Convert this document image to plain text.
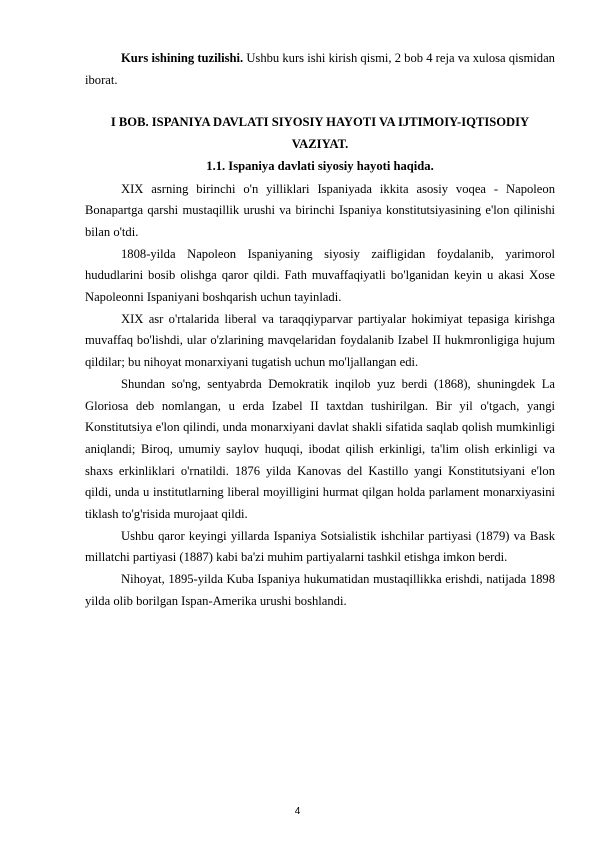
Kurs ishining tuzilishi. Ushbu kurs ishi kirish qismi, 2 bob 4 reja va xulosa qismidan iborat.

I BOB. ISPANIYA DAVLATI SIYOSIY HAYOTI VA IJTIMOIY-IQTISODIY VAZIYAT.

1.1. Ispaniya davlati siyosiy hayoti haqida.

XIX asrning birinchi o'n yilliklari Ispaniyada ikkita asosiy voqea - Napoleon Bonapartga qarshi mustaqillik urushi va birinchi Ispaniya konstitutsiyasining e'lon qilinishi bilan o'tdi.

1808-yilda Napoleon Ispaniyaning siyosiy zaifligidan foydalanib, yarimorol hududlarini bosib olishga qaror qildi. Fath muvaffaqiyatli bo'lganidan keyin u akasi Xose Napoleonni Ispaniyani boshqarish uchun tayinladi.

XIX asr o'rtalarida liberal va taraqqiyparvar partiyalar hokimiyat tepasiga kirishga muvaffaq bo'lishdi, ular o'zlarining mavqelaridan foydalanib Izabel II hukmronligiga hujum qildilar; bu nihoyat monarxiyani tugatish uchun mo'ljallangan edi.

Shundan so'ng, sentyabrda Demokratik inqilob yuz berdi (1868), shuningdek La Gloriosa deb nomlangan, u erda Izabel II taxtdan tushirilgan. Bir yil o'tgach, yangi Konstitutsiya e'lon qilindi, unda monarxiyani davlat shakli sifatida saqlab qolish mumkinligi aniqlandi; Biroq, umumiy saylov huquqi, ibodat qilish erkinligi, ta'lim olish erkinligi va shaxs erkinliklari o'rnatildi. 1876 yilda Kanovas del Kastillo yangi Konstitutsiyani e'lon qildi, unda u institutlarning liberal moyilligini hurmat qilgan holda parlament monarxiyasini tiklash to'g'risida murojaat qildi.

Ushbu qaror keyingi yillarda Ispaniya Sotsialistik ishchilar partiyasi (1879) va Bask millatchi partiyasi (1887) kabi ba'zi muhim partiyalarni tashkil etishga imkon berdi.

Nihoyat, 1895-yilda Kuba Ispaniya hukumatidan mustaqillikka erishdi, natijada 1898 yilda olib borilgan Ispan-Amerika urushi boshlandi.

4
